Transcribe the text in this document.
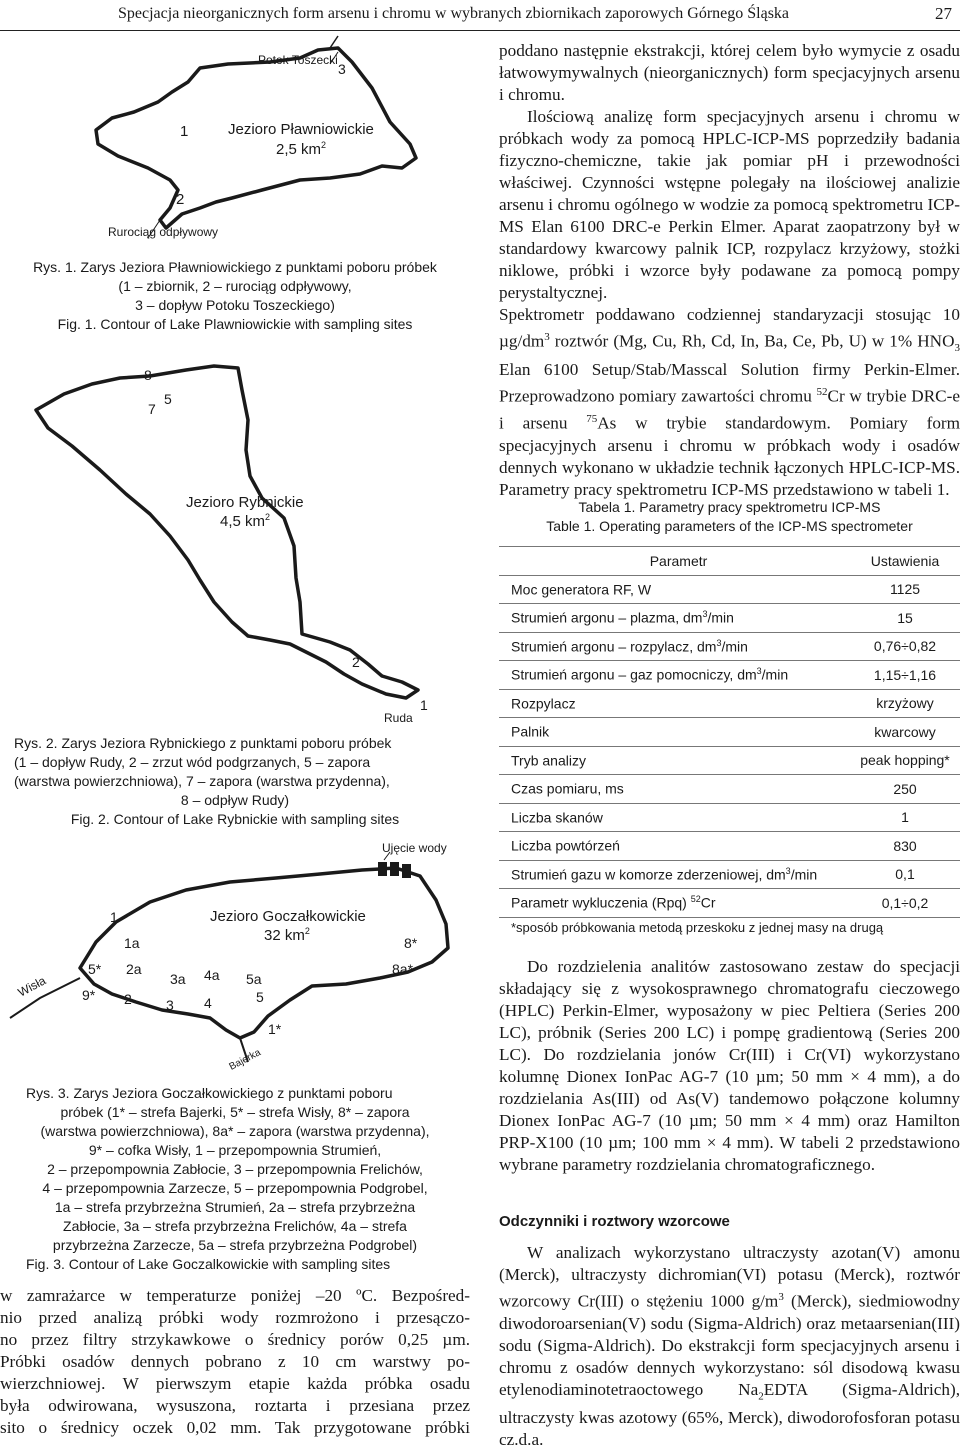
Specjacja nieorganicznych form arsenu i chromu w wybranych zbiornikach zaporowych Górnego Śląska	27
Potok Toszecki
3
1	Jezioro Pławniowickie
2,5 $km^2$
2
Rurociąg odpływowy
Rys. 1. Zarys Jeziora Pławniowickiego z punktami poboru próbek
(1 – zbiornik, 2 – rurociąg odpływowy,
3 – dopływ Potoku Toszeckiego)
Fig. 1. Contour of Lake Plawniowickie with sampling sites
8
7
5
Jezioro Rybnickie
4,5 $km^2$
2
1
Ruda
Rys. 2. Zarys Jeziora Rybnickiego z punktami poboru próbek
(1 – dopływ Rudy, 2 – zrzut wód podgrzanych, 5 – zapora
(warstwa powierzchniowa), 7 – zapora (warstwa przydenna),
8 – odpływ Rudy)
Fig. 2. Contour of Lake Rybnickie with sampling sites
Ujęcie wody
Jezioro Goczałkowickie
32 $km^2$
1
1a
2a
3a 4a 5a
5*
9* 2 3 4	5
1*
8*
8a*
Wisła
Bajerka
Rys. 3. Zarys Jeziora Goczałkowickiego z punktami poboru
próbek (1* – strefa Bajerki, 5* – strefa Wisły, 8* – zapora
(warstwa powierzchniowa), 8a* – zapora (warstwa przydenna),
9* – cofka Wisły, 1 – przepompownia Strumień,
2 – przepompownia Zabłocie, 3 – przepompownia Frelichów,
4 – przepompownia Zarzecze, 5 – przepompownia Podgrobel,
1a – strefa przybrzeżna Strumień, 2a – strefa przybrzeżna
Zabłocie, 3a – strefa przybrzeżna Frelichów, 4a – strefa
przybrzeżna Zarzecze, 5a – strefa przybrzeżna Podgrobel)
Fig. 3. Contour of Lake Goczalkowickie with sampling sites

w zamrażarce w temperaturze poniżej –20 ºC. Bezpośred-

nio przed analizą próbki wody rozmrożono i przesączo-

no przez filtry strzykawkowe o średnicy porów 0,25 µm.

Próbki osadów dennych pobrano z 10 cm warstwy po-

wierzchniowej. W pierwszym etapie każda próbka osadu

była odwirowana, wysuszona, roztarta i przesiana przez

sito o średnicy oczek 0,02 mm. Tak przygotowane próbki

poddano następnie ekstrakcji, której celem było wymycie z osadu łatwowymywalnych (nieorganicznych) form specjacyjnych arsenu i chromu.

Ilościową analizę form specjacyjnych arsenu i chromu w próbkach wody za pomocą HPLC-ICP-MS poprzedziły badania fizyczno-chemiczne, takie jak pomiar pH i przewodności właściwej. Czynności wstępne polegały na ilościowej analizie arsenu i chromu ogólnego w wodzie za pomocą spektrometru ICP-MS Elan 6100 DRC-e Perkin Elmer. Aparat zaopatrzony był w standardowy kwarcowy palnik ICP, rozpylacz krzyżowy, stożki niklowe, próbki i wzorce były podawane za pomocą pompy perystaltycznej.

Spektrometr poddawano codziennej standaryzacji stosując 10 $\mu g/dm^3$ roztwór (Mg, Cu, Rh, Cd, In, Ba, Ce, Pb, U) w 1% $HNO_3$ Elan 6100 Setup/Stab/Masscal Solution firmy Perkin-Elmer. Przeprowadzono pomiary zawartości chromu $^{52}$Cr w trybie DRC-e i arsenu $^{75}$As w trybie standardowym. Pomiary form specjacyjnych arsenu i chromu w próbkach wody i osadów dennych wykonano w układzie technik łączonych HPLC-ICP-MS. Parametry pracy spektrometru ICP-MS przedstawiono w tabeli 1.

Tabela 1. Parametry pracy spektrometru ICP-MS
Table 1. Operating parameters of the ICP-MS spectrometer
Parametr	Ustawienia
Moc generatora RF, W	1125
Strumień argonu – plazma, $dm^3/\min$	15
Strumień argonu – rozpylacz, $dm^3/\min$	0,76÷0,82
Strumień argonu – gaz pomocniczy, $dm^3/\min$	1,15÷1,16
Rozpylacz	krzyżowy
Palnik	kwarcowy
Tryb analizy	peak hopping*
Czas pomiaru, ms	250
Liczba skanów	1
Liczba powtórzeń	830
Strumień gazu w komorze zderzeniowej, $dm^3/\min$	0,1
Parametr wykluczenia (Rpq) $^{52}$Cr	0,1÷0,2
*sposób próbkowania metodą przeskoku z jednej masy na drugą

Do rozdzielenia analitów zastosowano zestaw do specjacji składający się z wysokosprawnego chromatografu cieczowego (HPLC) Perkin-Elmer, wyposażony w piec Peltiera (Series 200 LC), próbnik (Series 200 LC) i pompę gradientową (Series 200 LC). Do rozdzielania jonów Cr(III) i Cr(VI) wykorzystano kolumnę Dionex IonPac AG-7 (10 µm; 50 mm × 4 mm), a do rozdzielania As(III) od As(V) tandemowo połączone kolumny Dionex IonPac AG-7 (10 µm; 50 mm × 4 mm) oraz Hamilton PRP-X100 (10 µm; 100 mm × 4 mm). W tabeli 2 przedstawiono wybrane parametry rozdzielania chromatograficznego.

Odczynniki i roztwory wzorcowe

W analizach wykorzystano ultraczysty azotan(V) amonu (Merck), ultraczysty dichromian(VI) potasu (Merck), roztwór wzorcowy Cr(III) o stężeniu 1000 $g/m^3$ (Merck), siedmiowodny diwodoroarsenian(V) sodu (Sigma-Aldrich) oraz metaarsenian(III) sodu (Sigma-Aldrich). Do ekstrakcji form specjacyjnych arsenu i chromu z osadów dennych wykorzystano: sól disodową kwasu etylenodiaminotetraoctowego $Na_2EDTA$ (Sigma-Aldrich), ultraczysty kwas azotowy (65%, Merck), diwodorofosforan potasu cz.d.a.
